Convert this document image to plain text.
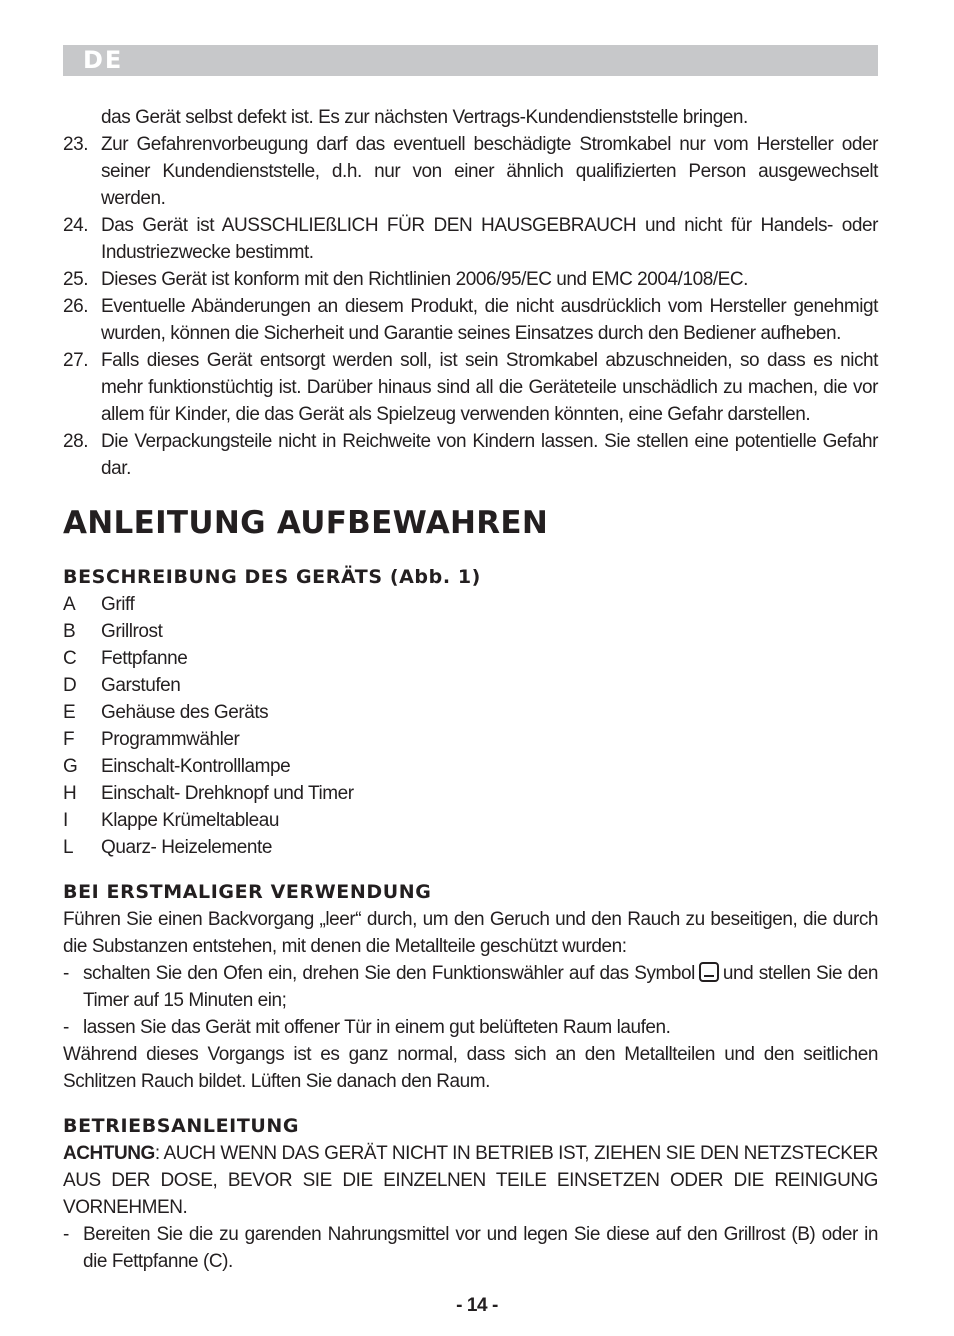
DE

das Gerät selbst defekt ist. Es zur nächsten Vertrags-Kundendienststelle bringen.

23. Zur Gefahrenvorbeugung darf das eventuell beschädigte Stromkabel nur vom Hersteller oder seiner Kundendienststelle, d.h. nur von einer ähnlich qualifizierten Person ausgewechselt werden.
24. Das Gerät ist AUSSCHLIEßLICH FÜR DEN HAUSGEBRAUCH und nicht für Handels- oder Industriezwecke bestimmt.
25. Dieses Gerät ist konform mit den Richtlinien 2006/95/EC und EMC 2004/108/EC.
26. Eventuelle Abänderungen an diesem Produkt, die nicht ausdrücklich vom Hersteller genehmigt wurden, können die Sicherheit und Garantie seines Einsatzes durch den Bediener aufheben.
27. Falls dieses Gerät entsorgt werden soll, ist sein Stromkabel abzuschneiden, so dass es nicht mehr funktionstüchtig ist. Darüber hinaus sind all die Geräteteile unschädlich zu machen, die vor allem für Kinder, die das Gerät als Spielzeug verwenden könnten, eine Gefahr darstellen.
28. Die Verpackungsteile nicht in Reichweite von Kindern lassen. Sie stellen eine potentielle Gefahr dar.
ANLEITUNG AUFBEWAHREN
BESCHREIBUNG DES GERÄTS (Abb. 1)
A	Griff
B	Grillrost
C	Fettpfanne
D	Garstufen
E	Gehäuse des Geräts
F	Programmwähler
G	Einschalt-Kontrolllampe
H	Einschalt- Drehknopf und Timer
I	Klappe Krümeltableau
L	Quarz- Heizelemente
BEI ERSTMALIGER VERWENDUNG

Führen Sie einen Backvorgang „leer“ durch, um den Geruch und den Rauch zu beseitigen, die durch die Substanzen entstehen, mit denen die Metallteile geschützt wurden:

- schalten Sie den Ofen ein, drehen Sie den Funktionswähler auf das Symbol und stellen Sie den Timer auf 15 Minuten ein;
- lassen Sie das Gerät mit offener Tür in einem gut belüfteten Raum laufen.

Während dieses Vorgangs ist es ganz normal, dass sich an den Metallteilen und den seitlichen Schlitzen Rauch bildet. Lüften Sie danach den Raum.

BETRIEBSANLEITUNG

ACHTUNG: AUCH WENN DAS GERÄT NICHT IN BETRIEB IST, ZIEHEN SIE DEN NETZSTECKER AUS DER DOSE, BEVOR SIE DIE EINZELNEN TEILE EINSETZEN ODER DIE REINIGUNG VORNEHMEN.

- Bereiten Sie die zu garenden Nahrungsmittel vor und legen Sie diese auf den Grillrost (B) oder in die Fettpfanne (C).
- 14 -
